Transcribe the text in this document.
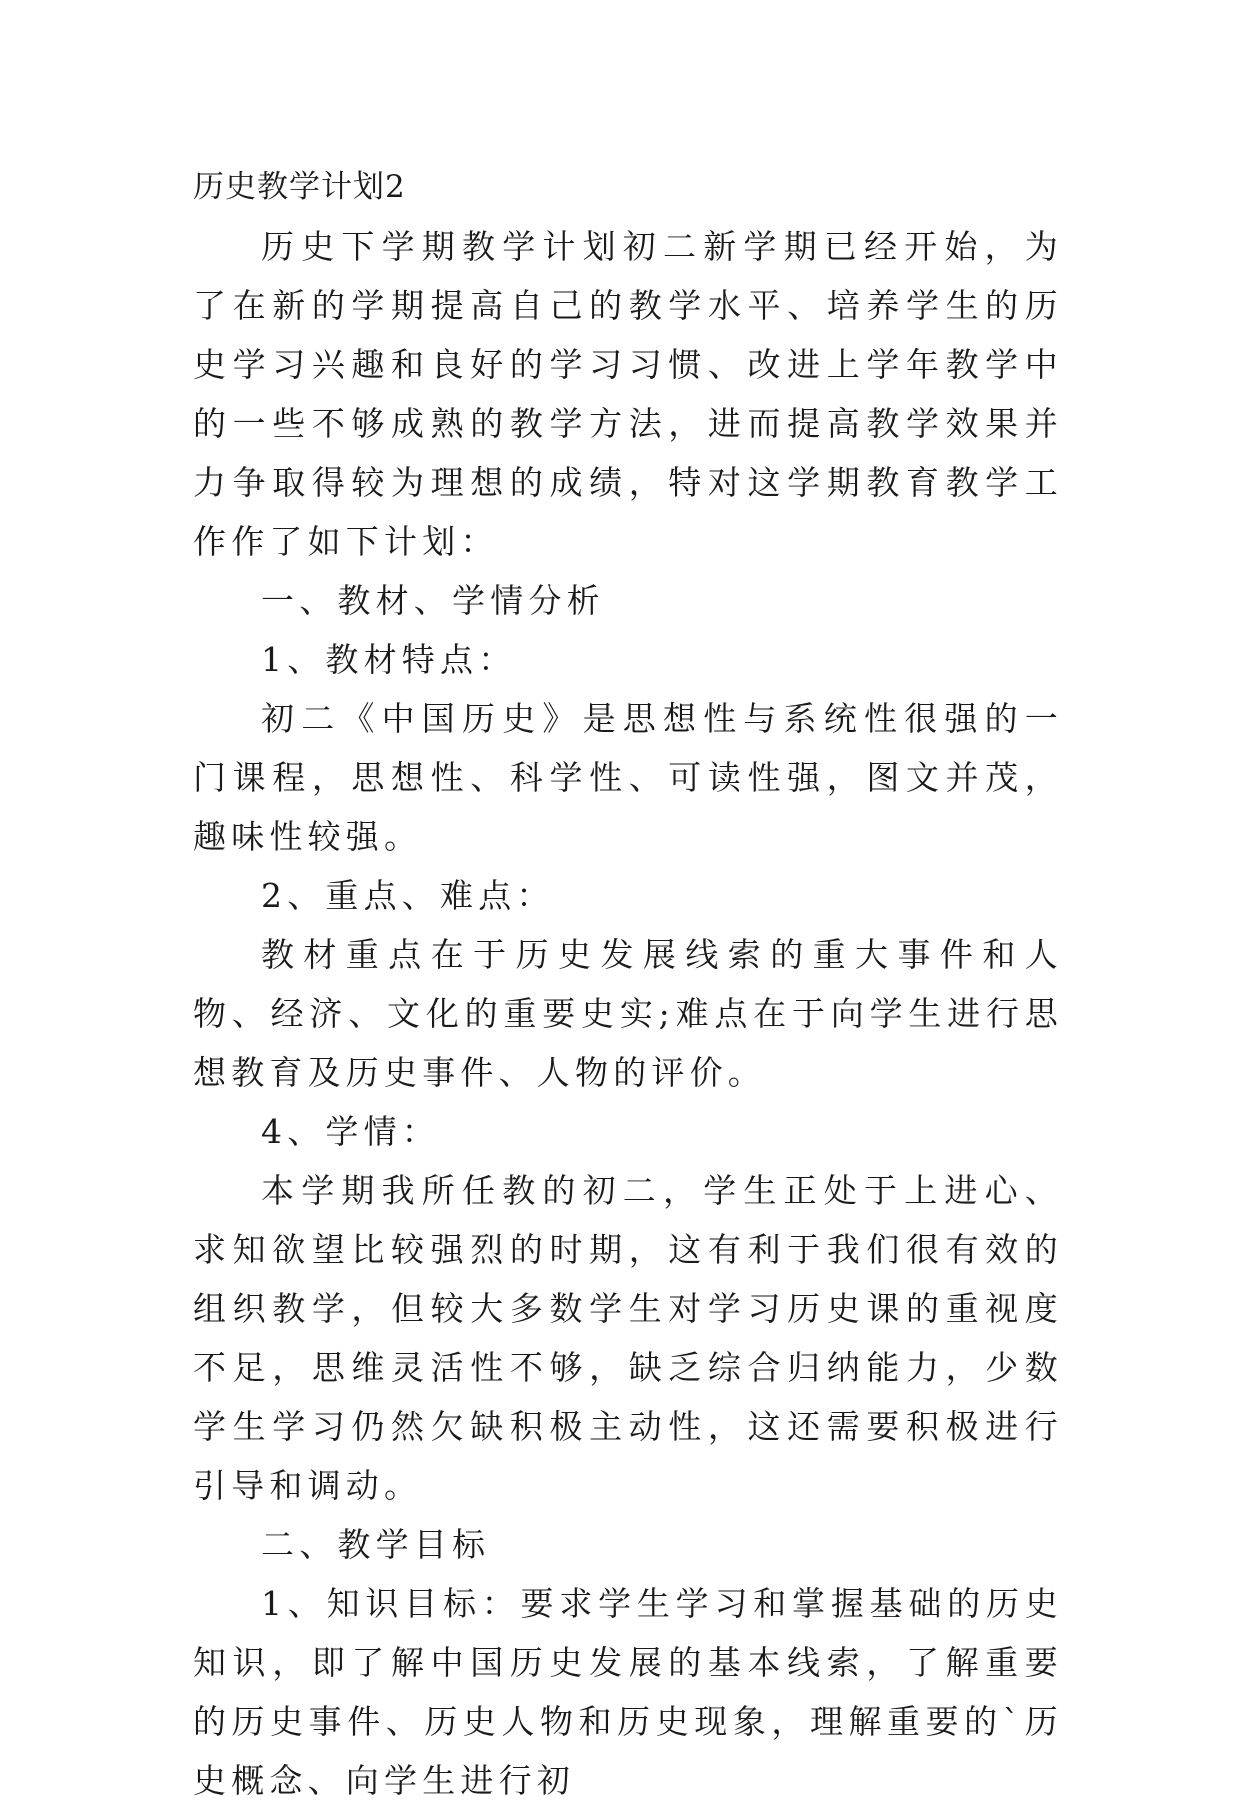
历史教学计划2

历史下学期教学计划初二新学期已经开始，为了在新的学期提高自己的教学水平、培养学生的历史学习兴趣和良好的学习习惯、改进上学年教学中的一些不够成熟的教学方法，进而提高教学效果并力争取得较为理想的成绩，特对这学期教育教学工作作了如下计划：

一、教材、学情分析

1、教材特点：

初二《中国历史》是思想性与系统性很强的一门课程，思想性、科学性、可读性强，图文并茂，趣味性较强。

2、重点、难点：

教材重点在于历史发展线索的重大事件和人物、经济、文化的重要史实;难点在于向学生进行思想教育及历史事件、人物的评价。

4、学情：

本学期我所任教的初二，学生正处于上进心、求知欲望比较强烈的时期，这有利于我们很有效的组织教学，但较大多数学生对学习历史课的重视度不足，思维灵活性不够，缺乏综合归纳能力，少数学生学习仍然欠缺积极主动性，这还需要积极进行引导和调动。

二、教学目标

1、知识目标：要求学生学习和掌握基础的历史知识，即了解中国历史发展的基本线索，了解重要的历史事件、历史人物和历史现象，理解重要的`历史概念、向学生进行初
